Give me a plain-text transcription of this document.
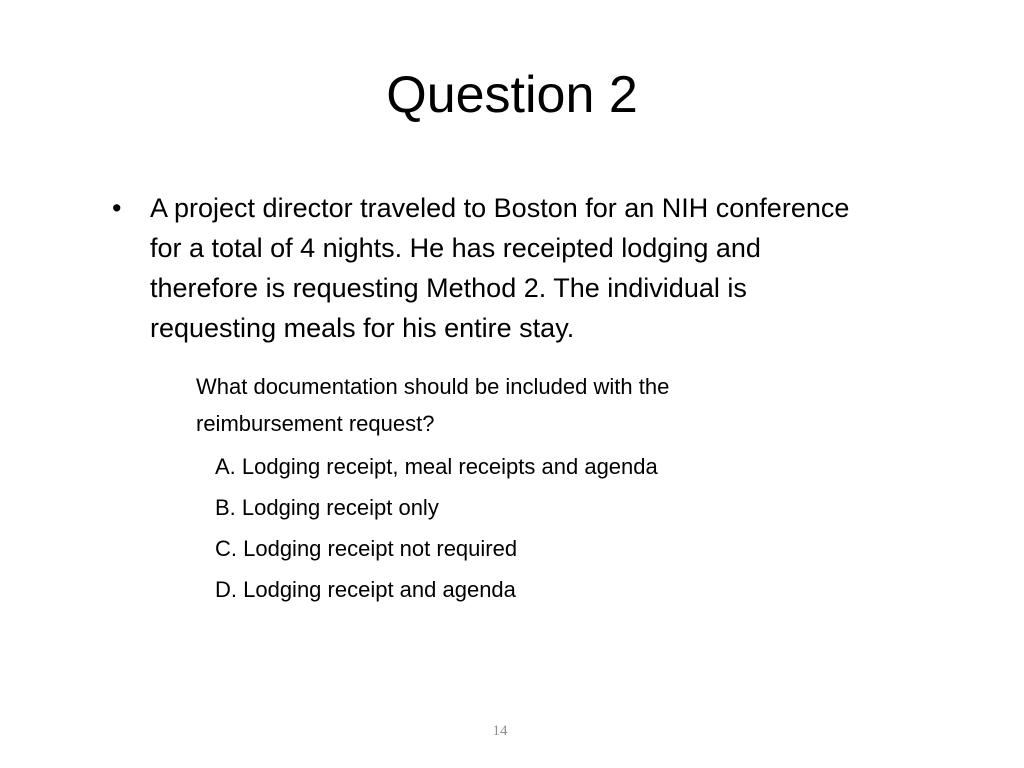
Question 2
•	A project director traveled to Boston for an NIH conference for a total of 4 nights. He has receipted lodging and therefore is requesting Method 2. The individual is requesting meals for his entire stay.
What documentation should be included with the reimbursement request?
A. Lodging receipt, meal receipts and agenda
B. Lodging receipt only
C. Lodging receipt not required
D. Lodging receipt and agenda
14
